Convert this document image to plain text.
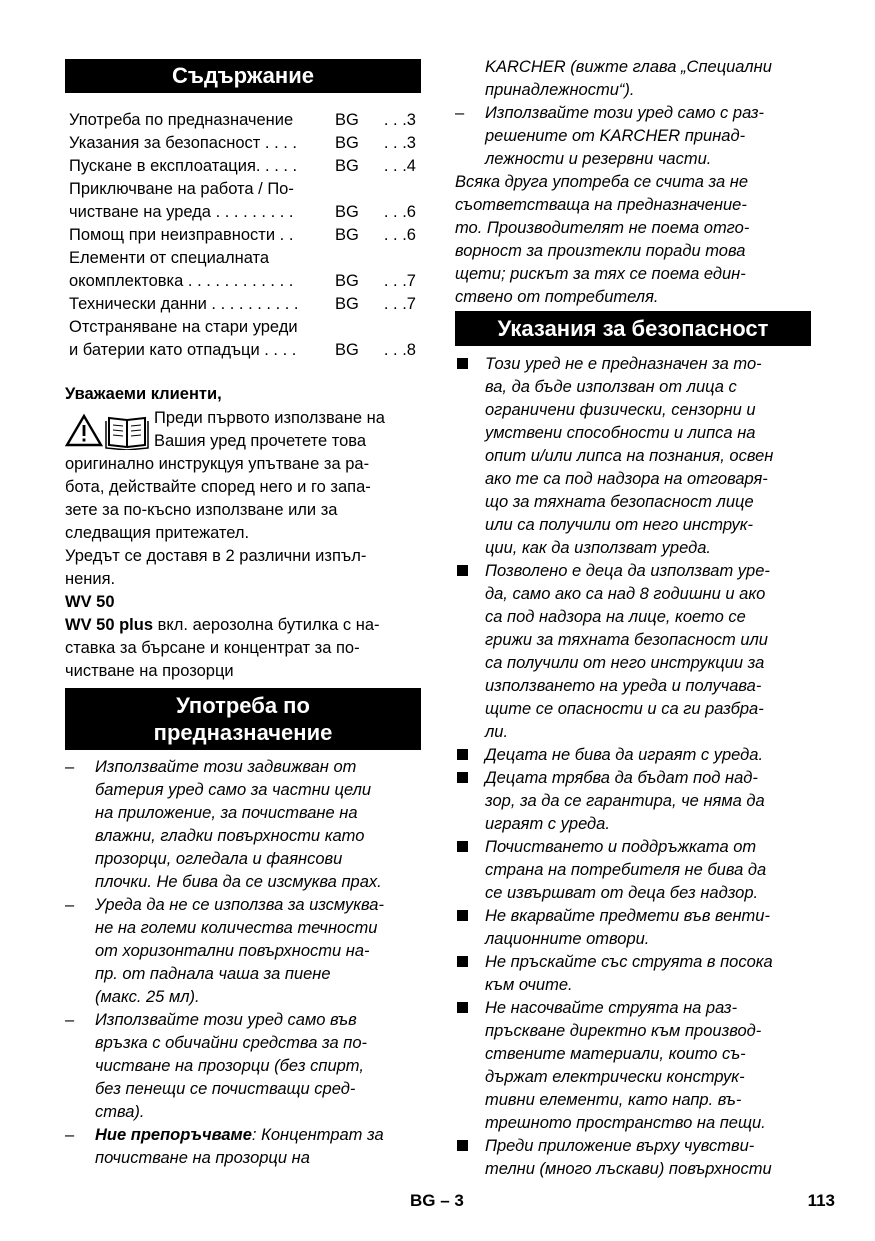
Съдържание
Употреба по предназначение	BG	. . .3
Указания за безопасност . . . . BG	. . .3
Пускане в експлоатация. . . . . BG	. . .4
Приключване на работа / По-
чистване на уреда . . . . . . . . .	BG	. . .6
Помощ при неизправности . .	BG	. . .6
Елементи от специалната
окомплектовка . . . . . . . . . . . .	BG	. . .7
Технически данни . . . . . . . . . . BG	. . .7
Отстраняване на стари уреди
и батерии като отпадъци . . . . BG	. . .8
Уважаеми клиенти,
Преди първото използване на
Вашия уред прочетете това
оригинално инструкцуя упътване за ра-
бота, действайте според него и го запа-
зете за по-късно използване или за
следващия притежател.
Уредът се доставя в 2 различни изпъл-
нения.
WV 50
WV 50 plus вкл. аерозолна бутилка с на-
ставка за бърсане и концентрат за по-
чистване на прозорци
Употреба по
предназначение
– Използвайте този задвижван от
батерия уред само за частни цели
на приложение, за почистване на
влажни, гладки повърхности като
прозорци, огледала и фаянсови
плочки. Не бива да се изсмуква прах.
– Уреда да не се използва за изсмуква-
не на големи количества течности
от хоризонтални повърхности на-
пр. от паднала чаша за пиене
(макс. 25 мл).
– Използвайте този уред само във
връзка с обичайни средства за по-
чистване на прозорци (без спирт,
без пенещи се почистващи сред-
ства).
– Ние препоръчваме: Концентрат за
почистване на прозорци на
KARCHER (вижте глава „Специални
принадлежности“).
– Използвайте този уред само с раз-
решените от KARCHER принад-
лежности и резервни части.
Всяка друга употреба се счита за не
съответстваща на предназначение-
то. Производителят не поема отго-
ворност за произтекли поради това
щети; рискът за тях се поема един-
ствено от потребителя.
Указания за безопасност
Този уред не е предназначен за то-
ва, да бъде използван от лица с
ограничени физически, сензорни и
умствени способности и липса на
опит и/или липса на познания, освен
ако те са под надзора на отговаря-
що за тяхната безопасност лице
или са получили от него инструк-
ции, как да използват уреда.
Позволено е деца да използват уре-
да, само ако са над 8 годишни и ако
са под надзора на лице, което се
грижи за тяхната безопасност или
са получили от него инструкции за
използването на уреда и получава-
щите се опасности и са ги разбра-
ли.
Децата не бива да играят с уреда.
Децата трябва да бъдат под над-
зор, за да се гарантира, че няма да
играят с уреда.
Почистването и поддръжката от
страна на потребителя не бива да
се извършват от деца без надзор.
Не вкарвайте предмети във венти-
лационните отвори.
Не пръскайте със струята в посока
към очите.
Не насочвайте струята на раз-
пръскване директно към производ-
ствените материали, които съ-
държат електрически конструк-
тивни елементи, като напр. въ-
трешното пространство на пещи.
Преди приложение върху чувстви-
телни (много лъскави) повърхности
BG – 3	113
